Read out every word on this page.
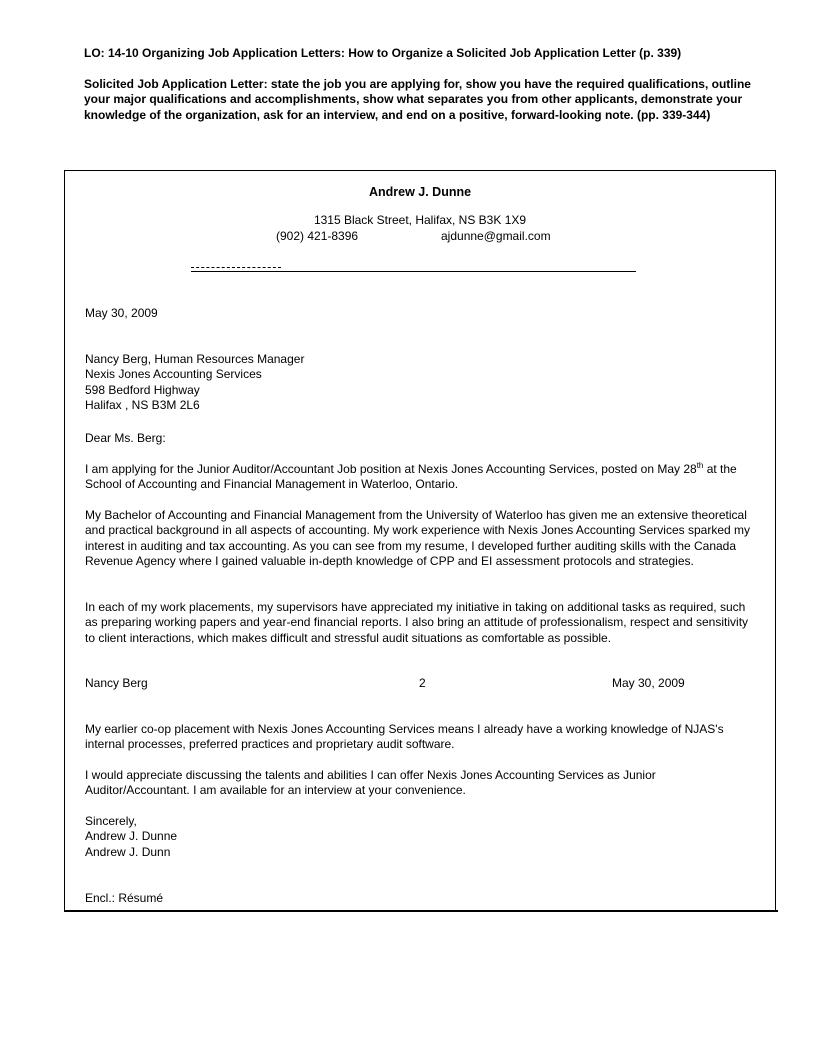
LO: 14-10 Organizing Job Application Letters: How to Organize a Solicited Job Application Letter (p. 339)

Solicited Job Application Letter: state the job you are applying for, show you have the required qualifications, outline your major qualifications and accomplishments, show what separates you from other applicants, demonstrate your knowledge of the organization, ask for an interview, and end on a positive, forward-looking note. (pp. 339-344)

Andrew J. Dunne
1315 Black Street, Halifax, NS B3K 1X9
(902) 421-8396	ajdunne@gmail.com
May 30, 2009

Nancy Berg, Human Resources Manager

Nexis Jones Accounting Services

598 Bedford Highway

Halifax , NS B3M 2L6

Dear Ms. Berg:
I am applying for the Junior Auditor/Accountant Job position at Nexis Jones Accounting Services, posted on May 28th at the School of Accounting and Financial Management in Waterloo, Ontario.
My Bachelor of Accounting and Financial Management from the University of Waterloo has given me an extensive theoretical and practical background in all aspects of accounting. My work experience with Nexis Jones Accounting Services sparked my interest in auditing and tax accounting. As you can see from my resume, I developed further auditing skills with the Canada Revenue Agency where I gained valuable in-depth knowledge of CPP and EI assessment protocols and strategies.
In each of my work placements, my supervisors have appreciated my initiative in taking on additional tasks as required, such as preparing working papers and year-end financial reports. I also bring an attitude of professionalism, respect and sensitivity to client interactions, which makes difficult and stressful audit situations as comfortable as possible.
Nancy Berg	2	May 30, 2009
My earlier co-op placement with Nexis Jones Accounting Services means I already have a working knowledge of NJAS's internal processes, preferred practices and proprietary audit software.
I would appreciate discussing the talents and abilities I can offer Nexis Jones Accounting Services as Junior Auditor/Accountant. I am available for an interview at your convenience.

Sincerely,

Andrew J. Dunne

Andrew J. Dunn

Encl.: Résumé
